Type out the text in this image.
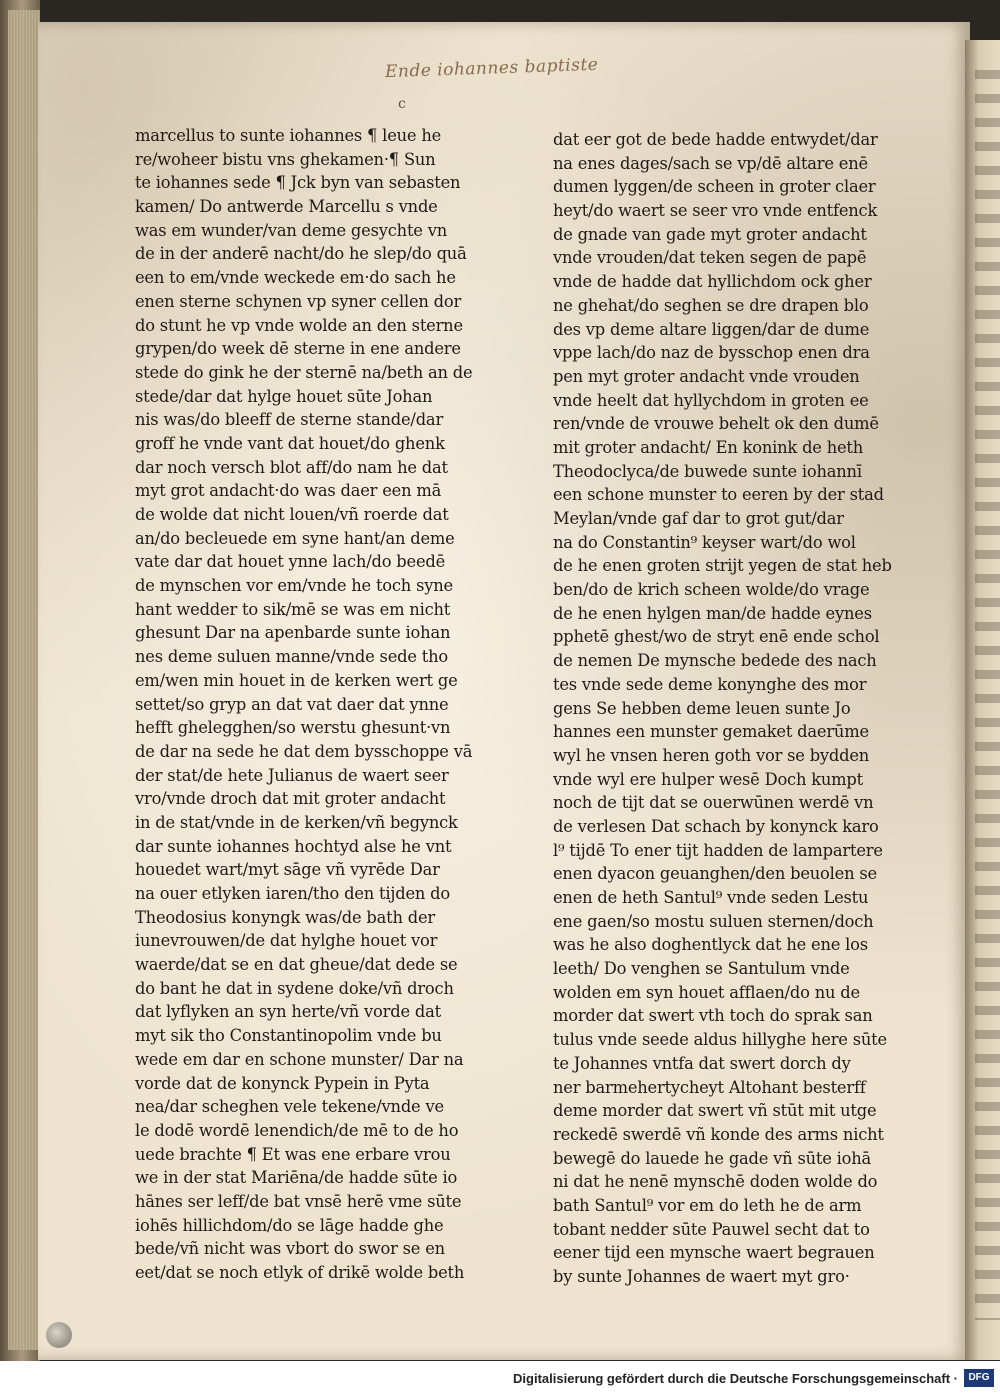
Ende iohannes baptiste
c
marcellus to sunte iohannes ¶ leue he
re/woheer bistu vns ghekamen·¶ Sun
te iohannes sede ¶ Jck byn van sebasten
kamen/ Do antwerde Marcellu s vnde
was em wunder/van deme gesychte vn
de in der anderē nacht/do he slep/do quā
een to em/vnde weckede em·do sach he
enen sterne schynen vp syner cellen dor
do stunt he vp vnde wolde an den sterne
grypen/do week dē sterne in ene andere
stede do gink he der sternē na/beth an de
stede/dar dat hylge houet sūte Johan
nis was/do bleeff de sterne stande/dar
groff he vnde vant dat houet/do ghenk
dar noch versch blot aff/do nam he dat
myt grot andacht·do was daer een mā
de wolde dat nicht louen/vñ roerde dat
an/do becleuede em syne hant/an deme
vate dar dat houet ynne lach/do beedē
de mynschen vor em/vnde he toch syne
hant wedder to sik/mē se was em nicht
ghesunt Dar na apenbarde sunte iohan
nes deme suluen manne/vnde sede tho
em/wen min houet in de kerken wert ge
settet/so gryp an dat vat daer dat ynne
hefft ghelegghen/so werstu ghesunt·vn
de dar na sede he dat dem bysschoppe vā
der stat/de hete Julianus de waert seer
vro/vnde droch dat mit groter andacht
in de stat/vnde in de kerken/vñ begynck
dar sunte iohannes hochtyd alse he vnt
houedet wart/myt sāge vñ vyrēde Dar
na ouer etlyken iaren/tho den tijden do
Theodosius konyngk was/de bath der
iunevrouwen/de dat hylghe houet vor
waerde/dat se en dat gheue/dat dede se
do bant he dat in sydene doke/vñ droch
dat lyflyken an syn herte/vñ vorde dat
myt sik tho Constantinopolim vnde bu
wede em dar en schone munster/ Dar na
vorde dat de konynck Pypein in Pyta
nea/dar scheghen vele tekene/vnde ve
le dodē wordē lenendich/de mē to de ho
uede brachte ¶ Et was ene erbare vrou
we in der stat Mariēna/de hadde sūte io
hānes ser leff/de bat vnsē herē vme sūte
iohēs hillichdom/do se lāge hadde ghe
bede/vñ nicht was vbort do swor se en
eet/dat se noch etlyk of drikē wolde beth
dat eer got de bede hadde entwydet/dar
na enes dages/sach se vp/dē altare enē
dumen lyggen/de scheen in groter claer
heyt/do waert se seer vro vnde entfenck
de gnade van gade myt groter andacht
vnde vrouden/dat teken segen de papē
vnde de hadde dat hyllichdom ock gher
ne ghehat/do seghen se dre drapen blo
des vp deme altare liggen/dar de dume
vppe lach/do naz de bysschop enen dra
pen myt groter andacht vnde vrouden
vnde heelt dat hyllychdom in groten ee
ren/vnde de vrouwe behelt ok den dumē
mit groter andacht/ En konink de heth
Theodoclyca/de buwede sunte iohannī
een schone munster to eeren by der stad
Meylan/vnde gaf dar to grot gut/dar
na do Constantin⁹ keyser wart/do wol
de he enen groten strijt yegen de stat heb
ben/do de krich scheen wolde/do vrage
de he enen hylgen man/de hadde eynes
pphetē ghest/wo de stryt enē ende schol
de nemen De mynsche bedede des nach
tes vnde sede deme konynghe des mor
gens Se hebben deme leuen sunte Jo
hannes een munster gemaket daerūme
wyl he vnsen heren goth vor se bydden
vnde wyl ere hulper wesē Doch kumpt
noch de tijt dat se ouerwūnen werdē vn
de verlesen Dat schach by konynck karo
l⁹ tijdē To ener tijt hadden de lampartere
enen dyacon geuanghen/den beuolen se
enen de heth Santul⁹ vnde seden Lestu
ene gaen/so mostu suluen sternen/doch
was he also doghentlyck dat he ene los
leeth/ Do venghen se Santulum vnde
wolden em syn houet afflaen/do nu de
morder dat swert vth toch do sprak san
tulus vnde seede aldus hillyghe here sūte
te Johannes vntfa dat swert dorch dy
ner barmehertycheyt Altohant besterff
deme morder dat swert vñ stūt mit utge
reckedē swerdē vñ konde des arms nicht
bewegē do lauede he gade vñ sūte iohā
ni dat he nenē mynschē doden wolde do
bath Santul⁹ vor em do leth he de arm
tobant nedder sūte Pauwel secht dat to
eener tijd een mynsche waert begrauen
by sunte Johannes de waert myt gro·
Digitalisierung gefördert durch die Deutsche Forschungsgemeinschaft ·	DFG
